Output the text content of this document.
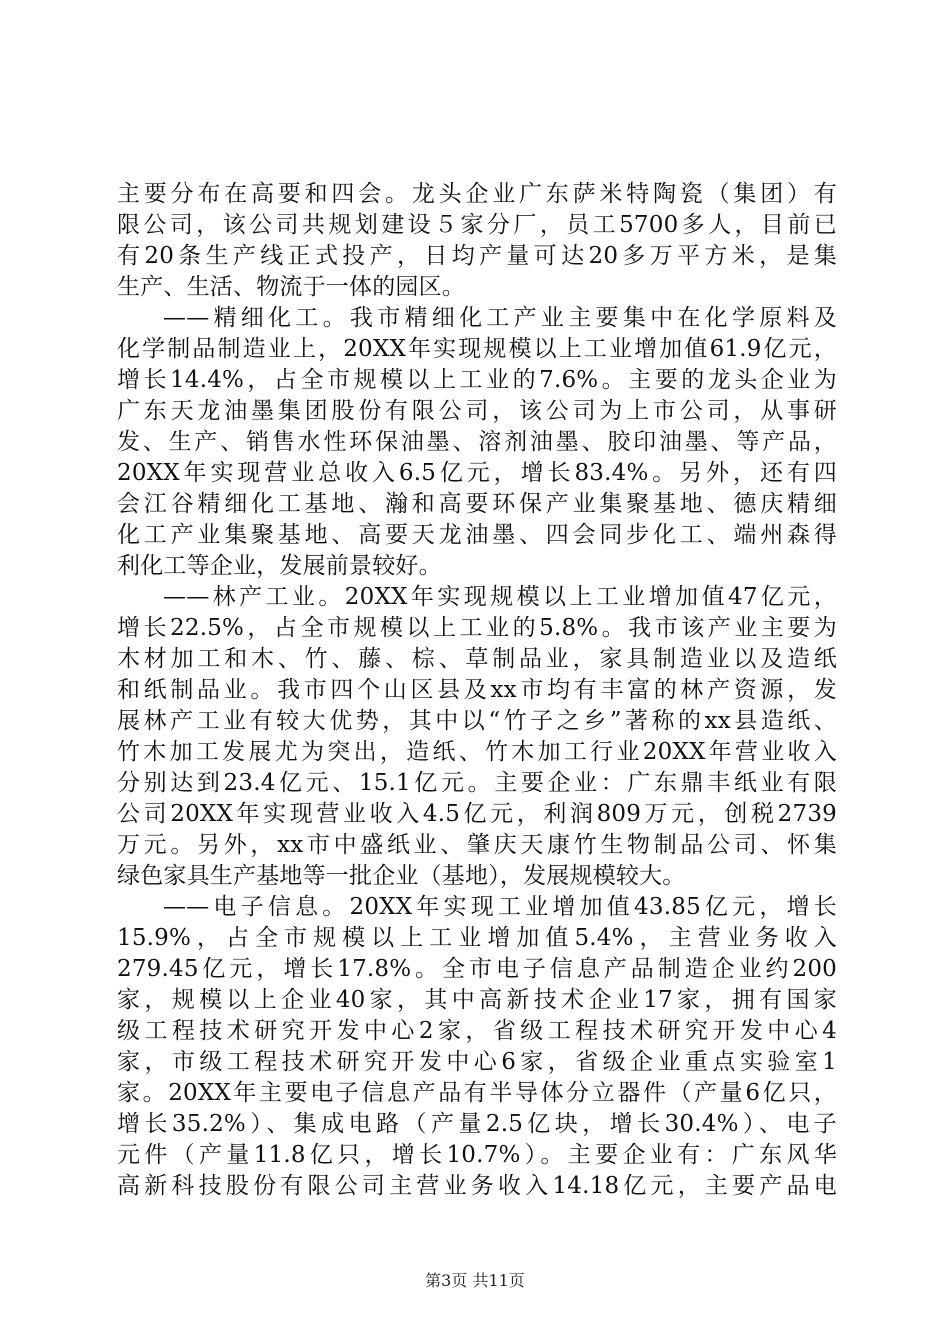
主要分布在高要和四会。龙头企业广东萨米特陶瓷（集团）有
限公司，该公司共规划建设５家分厂，员工5700多人，目前已
有20条生产线正式投产，日均产量可达20多万平方米，是集
生产、生活、物流于一体的园区。
——精细化工。我市精细化工产业主要集中在化学原料及
化学制品制造业上，20XX年实现规模以上工业增加值61.9亿元，
增长14.4%，占全市规模以上工业的7.6%。主要的龙头企业为
广东天龙油墨集团股份有限公司，该公司为上市公司，从事研
发、生产、销售水性环保油墨、溶剂油墨、胶印油墨、等产品，
20XX年实现营业总收入6.5亿元，增长83.4%。另外，还有四
会江谷精细化工基地、瀚和高要环保产业集聚基地、德庆精细
化工产业集聚基地、高要天龙油墨、四会同步化工、端州森得
利化工等企业，发展前景较好。
——林产工业。20XX年实现规模以上工业增加值47亿元，
增长22.5%，占全市规模以上工业的5.8%。我市该产业主要为
木材加工和木、竹、藤、棕、草制品业，家具制造业以及造纸
和纸制品业。我市四个山区县及xx市均有丰富的林产资源，发
展林产工业有较大优势，其中以“竹子之乡”著称的xx县造纸、
竹木加工发展尤为突出，造纸、竹木加工行业20XX年营业收入
分别达到23.4亿元、15.1亿元。主要企业：广东鼎丰纸业有限
公司20XX年实现营业收入4.5亿元，利润809万元，创税2739
万元。另外，xx市中盛纸业、肇庆天康竹生物制品公司、怀集
绿色家具生产基地等一批企业（基地），发展规模较大。
——电子信息。20XX年实现工业增加值43.85亿元，增长
15.9%，占全市规模以上工业增加值5.4%，主营业务收入
279.45亿元，增长17.8%。全市电子信息产品制造企业约200
家，规模以上企业40家，其中高新技术企业17家，拥有国家
级工程技术研究开发中心2家，省级工程技术研究开发中心4
家，市级工程技术研究开发中心6家，省级企业重点实验室1
家。20XX年主要电子信息产品有半导体分立器件（产量6亿只，
增长35.2%）、集成电路（产量2.5亿块，增长30.4%）、电子
元件（产量11.8亿只，增长10.7%）。主要企业有：广东风华
高新科技股份有限公司主营业务收入14.18亿元，主要产品电
第3页 共11页
